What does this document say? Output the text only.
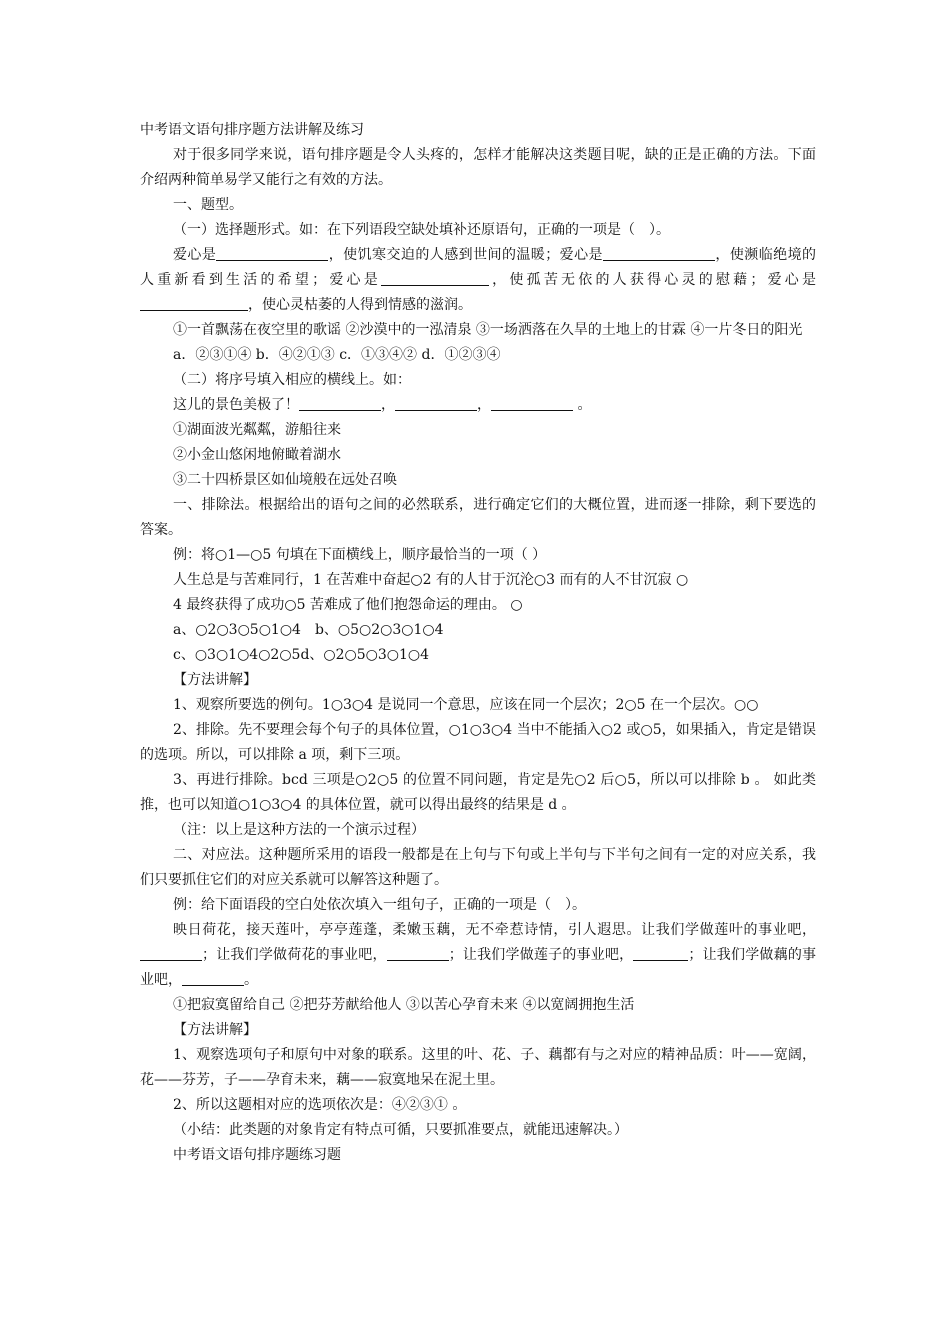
中考语文语句排序题方法讲解及练习

对于很多同学来说，语句排序题是令人头疼的，怎样才能解决这类题目呢，缺的正是正确的方法。下面介绍两种简单易学又能行之有效的方法。

一、题型。

（一）选择题形式。如：在下列语段空缺处填补还原语句，正确的一项是（　）。

爱心是	，使饥寒交迫的人感到世间的温暖；爱心是	，使濒临绝境的人重新看到生活的希望；爱心是	，使孤苦无依的人获得心灵的慰藉；爱心是，使心灵枯萎的人得到情感的滋润。

①一首飘荡在夜空里的歌谣 ②沙漠中的一泓清泉 ③一场洒落在久旱的土地上的甘霖 ④一片冬日的阳光

a．②③①④ b．④②①③ c．①③④② d．①②③④

（二）将序号填入相应的横线上。如：

这儿的景色美极了！	，	，	。

①湖面波光粼粼，游船往来

②小金山悠闲地俯瞰着湖水

③二十四桥景区如仙境般在远处召唤

一、排除法。根据给出的语句之间的必然联系，进行确定它们的大概位置，进而逐一排除，剩下要选的答案。

例：将○1—○5 句填在下面横线上，顺序最恰当的一项（ ）

人生总是与苦难同行，1 在苦难中奋起○2 有的人甘于沉沦○3 而有的人不甘沉寂 ○

4 最终获得了成功○5 苦难成了他们抱怨命运的理由。 ○

a、○2○3○5○1○4　b、○5○2○3○1○4

c、○3○1○4○2○5d、○2○5○3○1○4

【方法讲解】

1、观察所要选的例句。1○3○4 是说同一个意思，应该在同一个层次；2○5 在一个层次。○○

2、排除。先不要理会每个句子的具体位置，○1○3○4 当中不能插入○2 或○5，如果插入，肯定是错误的选项。所以，可以排除 a 项，剩下三项。

3、再进行排除。bcd 三项是○2○5 的位置不同问题，肯定是先○2 后○5，所以可以排除 b 。 如此类推，也可以知道○1○3○4 的具体位置，就可以得出最终的结果是 d 。

（注：以上是这种方法的一个演示过程）

二、对应法。这种题所采用的语段一般都是在上句与下句或上半句与下半句之间有一定的对应关系，我们只要抓住它们的对应关系就可以解答这种题了。

例：给下面语段的空白处依次填入一组句子，正确的一项是（　）。

映日荷花，接天莲叶，亭亭莲蓬，柔嫩玉藕，无不牵惹诗情，引人遐思。让我们学做莲叶的事业吧，；让我们学做荷花的事业吧，	；让我们学做莲子的事业吧，	；让我们学做藕的事业吧，	。

①把寂寞留给自己 ②把芬芳献给他人 ③以苦心孕育未来 ④以宽阔拥抱生活

【方法讲解】

1、观察选项句子和原句中对象的联系。这里的叶、花、子、藕都有与之对应的精神品质：叶——宽阔，花——芬芳，子——孕育未来，藕——寂寞地呆在泥土里。

2、所以这题相对应的选项依次是：④②③① 。

（小结：此类题的对象肯定有特点可循，只要抓准要点，就能迅速解决。）

中考语文语句排序题练习题
